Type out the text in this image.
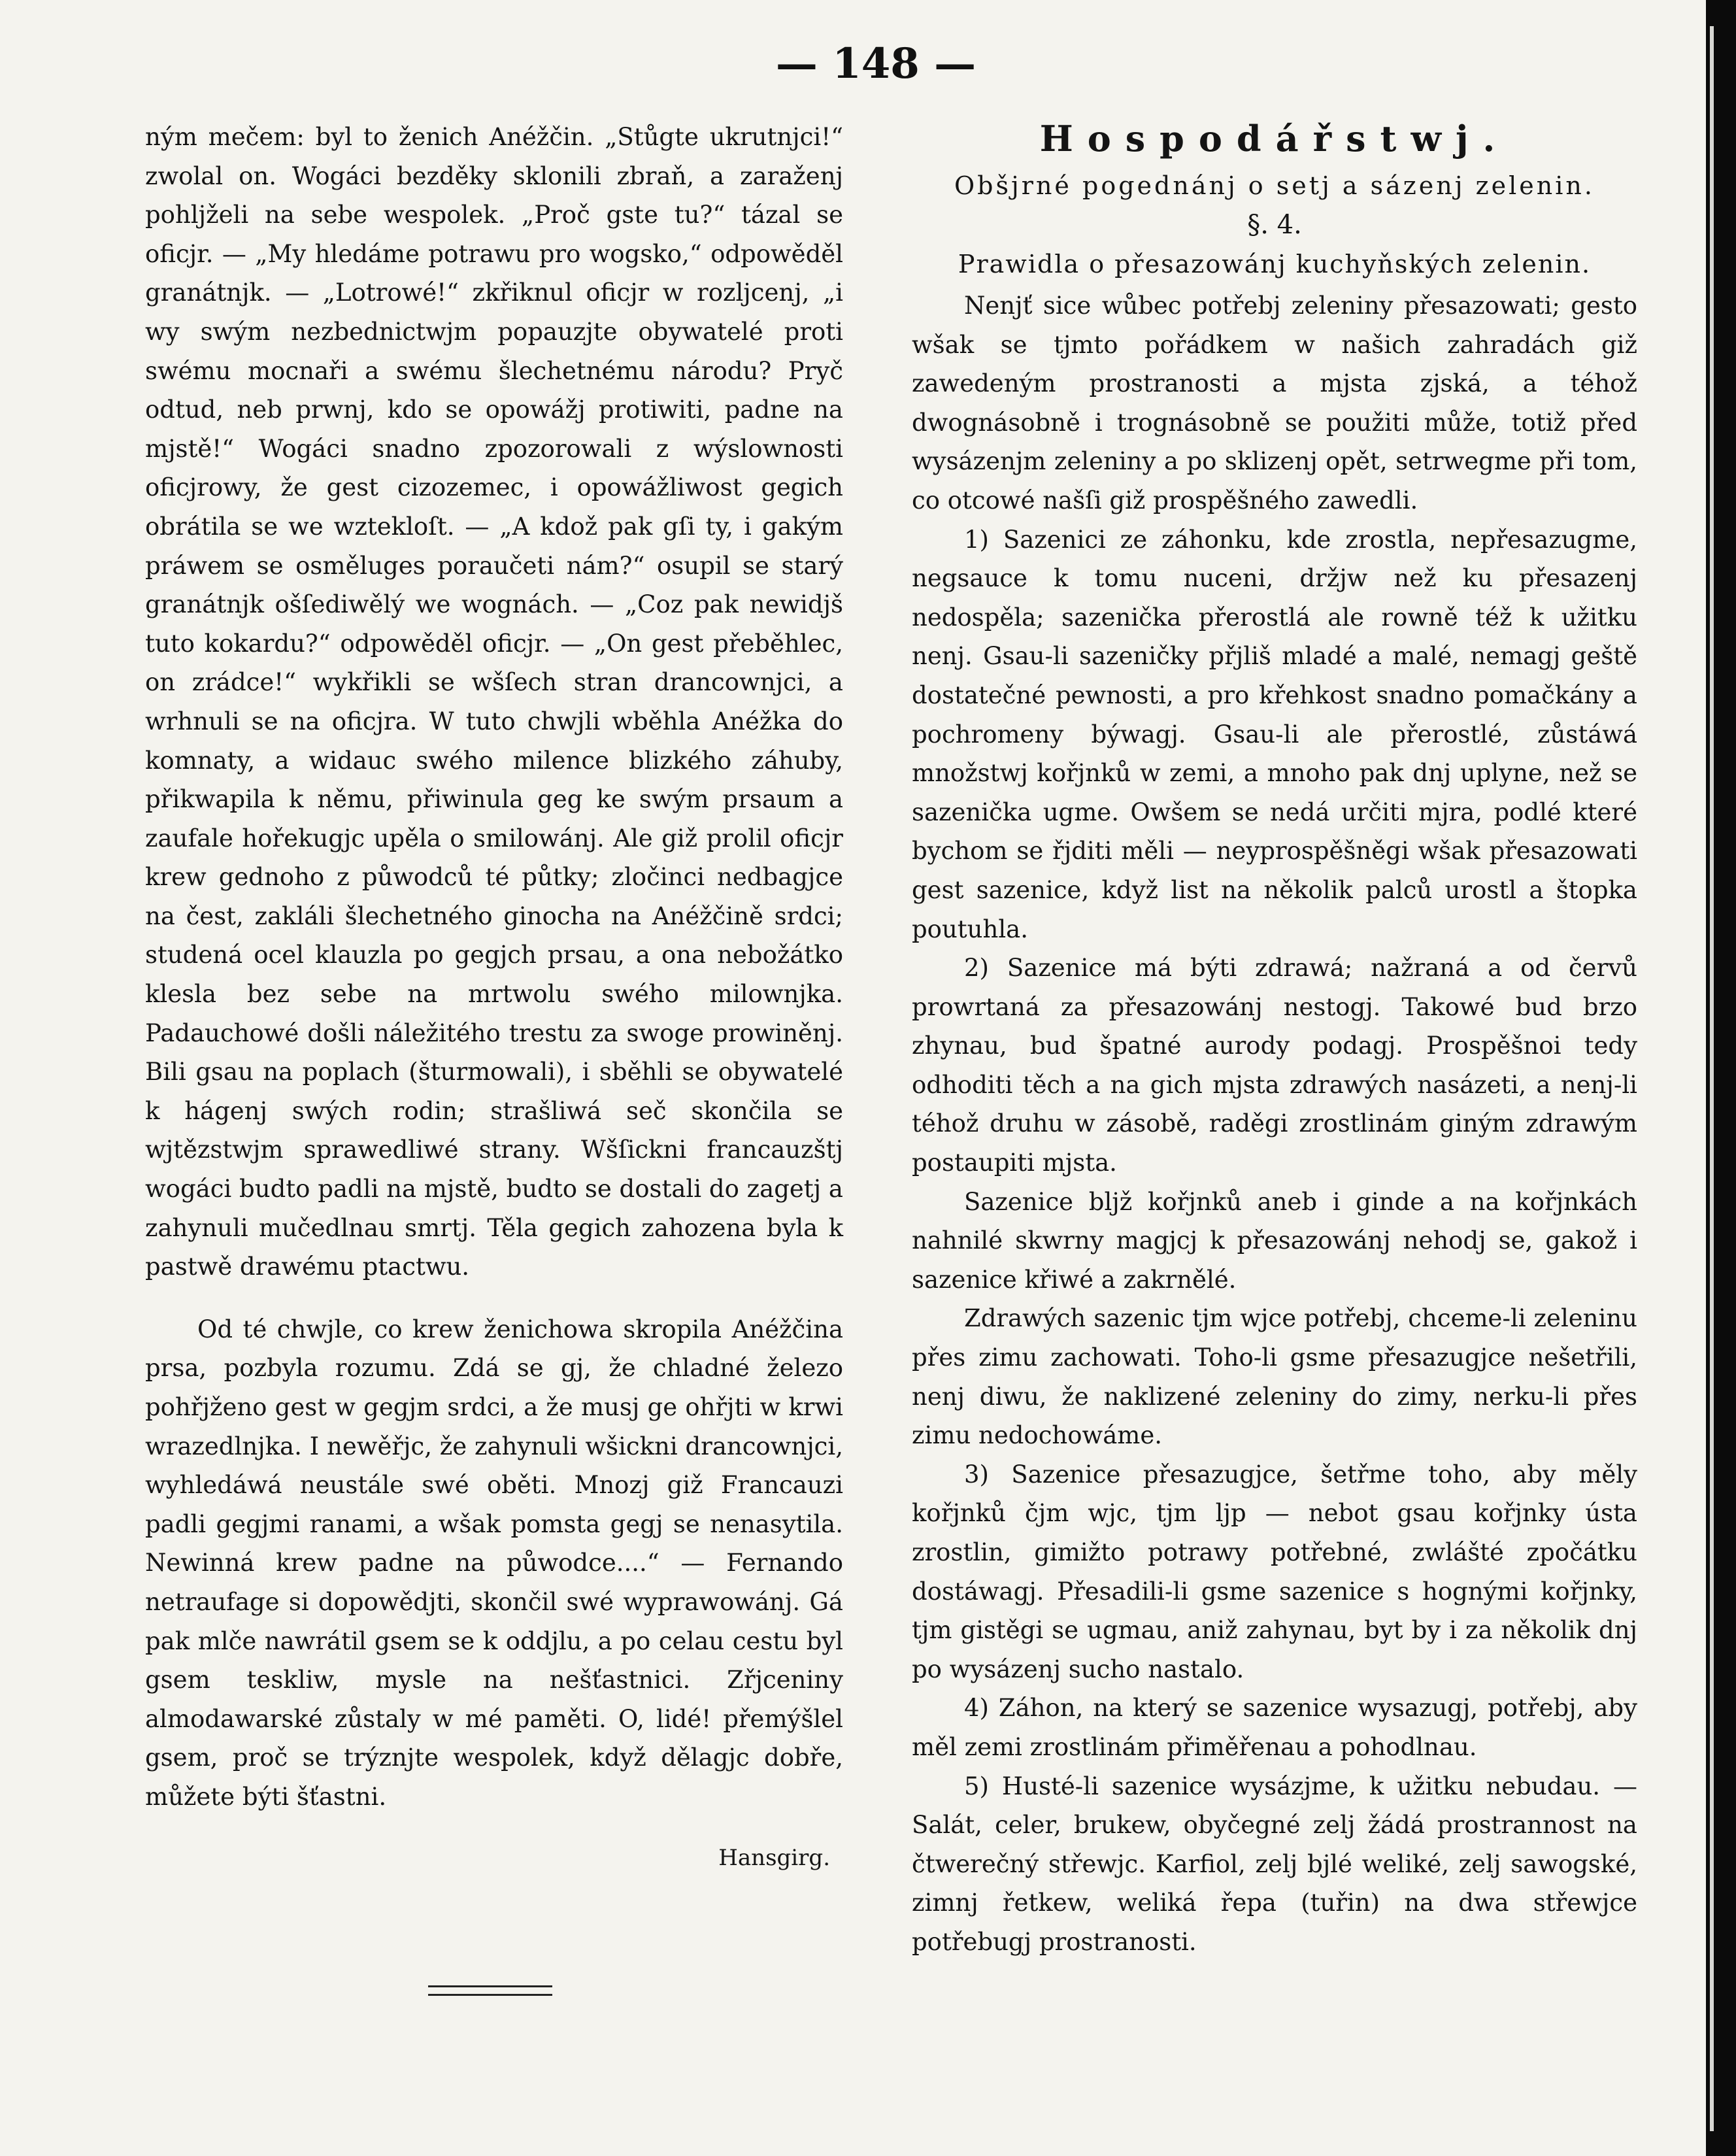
— 148 —

ným mečem: byl to ženich Anéžčin. „Stůgte ukrutnjci!“ zwolal on. Wogáci bezděky sklonili zbraň, a zaraženj pohljželi na sebe wespolek. „Proč gste tu?“ tázal se oficjr. — „My hledáme potrawu pro wogsko,“ odpowěděl granátnjk. — „Lotrowé!“ zkřiknul oficjr w rozljcenj, „i wy swým nezbednictwjm popauzjte obywatelé proti swému mocnaři a swému šlechetnému národu? Pryč odtud, neb prwnj, kdo se opowážj protiwiti, padne na mjstě!“ Wogáci snadno zpozorowali z wýslownosti oficjrowy, že gest cizozemec, i opowážliwost gegich obrátila se we wztekloſt. — „A kdož pak gſi ty, i gakým práwem se osměluges poraučeti nám?“ osupil se starý granátnjk ošſediwělý we wognách. — „Coz pak newidjš tuto kokardu?“ odpowěděl oficjr. — „On gest přeběhlec, on zrádce!“ wykřikli se wšſech stran drancownjci, a wrhnuli se na oficjra. W tuto chwjli wběhla Anéžka do komnaty, a widauc swého milence blizkého záhuby, přikwapila k němu, přiwinula geg ke swým prsaum a zaufale hořekugjc upěla o smilowánj. Ale giž prolil oficjr krew gednoho z půwodců té půtky; zločinci nedbagjce na čest, zakláli šlechetného ginocha na Anéžčině srdci; studená ocel klauzla po gegjch prsau, a ona nebožátko klesla bez sebe na mrtwolu swého milownjka. Padauchowé došli náležitého trestu za swoge prowiněnj. Bili gsau na poplach (šturmowali), i sběhli se obywatelé k hágenj swých rodin; strašliwá seč skončila se wjtězstwjm sprawedliwé strany. Wšſickni francauzštj wogáci budto padli na mjstě, budto se dostali do zagetj a zahynuli mučedlnau smrtj. Těla gegich zahozena byla k pastwě drawému ptactwu.

Od té chwjle, co krew ženichowa skropila Anéžčina prsa, pozbyla rozumu. Zdá se gj, že chladné železo pohřjženo gest w gegjm srdci, a že musj ge ohřjti w krwi wrazedlnjka. I newěřjc, že zahynuli wšickni drancownjci, wyhledáwá neustále swé oběti. Mnozj giž Francauzi padli gegjmi ranami, a wšak pomsta gegj se nenasytila. Newinná krew padne na půwodce....“ — Fernando netraufage si dopowědjti, skončil swé wyprawowánj. Gá pak mlče nawrátil gsem se k oddjlu, a po celau cestu byl gsem teskliw, mysle na nešťastnici. Zřjceniny almodawarské zůstaly w mé paměti. O, lidé! přemýšlel gsem, proč se trýznjte wespolek, když dělagjc dobře, můžete býti šťastni.

Hansgirg.

Hospodářstwj.

Obšjrné pogednánj o setj a sázenj zelenin.

§. 4.

Prawidla o přesazowánj kuchyňských zelenin.

Nenjť sice wůbec potřebj zeleniny přesazowati; gesto wšak se tjmto pořádkem w našich zahradách giž zawedeným prostranosti a mjsta zjská, a téhož dwognásobně i trognásobně se použiti může, totiž před wysázenjm zeleniny a po sklizenj opět, setrwegme při tom, co otcowé našſi giž prospěšného zawedli.

1) Sazenici ze záhonku, kde zrostla, nepřesazugme, negsauce k tomu nuceni, držjw než ku přesazenj nedospěla; sazenička přerostlá ale rowně též k užitku nenj. Gsau-li sazeničky přjliš mladé a malé, nemagj geště dostatečné pewnosti, a pro křehkost snadno pomačkány a pochromeny býwagj. Gsau-li ale přerostlé, zůstáwá množstwj kořjnků w zemi, a mnoho pak dnj uplyne, než se sazenička ugme. Owšem se nedá určiti mjra, podlé které bychom se řjditi měli — neyprospěšněgi wšak přesazowati gest sazenice, když list na několik palců urostl a štopka poutuhla.

2) Sazenice má býti zdrawá; nažraná a od červů prowrtaná za přesazowánj nestogj. Takowé bud brzo zhynau, bud špatné aurody podagj. Prospěšnoi tedy odhoditi těch a na gich mjsta zdrawých nasázeti, a nenj-li téhož druhu w zásobě, raděgi zrostlinám giným zdrawým postaupiti mjsta.

Sazenice bljž kořjnků aneb i ginde a na kořjnkách nahnilé skwrny magjcj k přesazowánj nehodj se, gakož i sazenice křiwé a zakrnělé.

Zdrawých sazenic tjm wjce potřebj, chceme-li zeleninu přes zimu zachowati. Toho-li gsme přesazugjce nešetřili, nenj diwu, že naklizené zeleniny do zimy, nerku-li přes zimu nedochowáme.

3) Sazenice přesazugjce, šetřme toho, aby měly kořjnků čjm wjc, tjm ljp — nebot gsau kořjnky ústa zrostlin, gimižto potrawy potřebné, zwlášté zpočátku dostáwagj. Přesadili-li gsme sazenice s hognými kořjnky, tjm gistěgi se ugmau, aniž zahynau, byt by i za několik dnj po wysázenj sucho nastalo.

4) Záhon, na který se sazenice wysazugj, potřebj, aby měl zemi zrostlinám přiměřenau a pohodlnau.

5) Husté-li sazenice wysázjme, k užitku nebudau. — Salát, celer, brukew, obyčegné zelj žádá prostrannost na čtwerečný střewjc. Karfiol, zelj bjlé weliké, zelj sawogské, zimnj řetkew, weliká řepa (tuřin) na dwa střewjce potřebugj prostranosti.
